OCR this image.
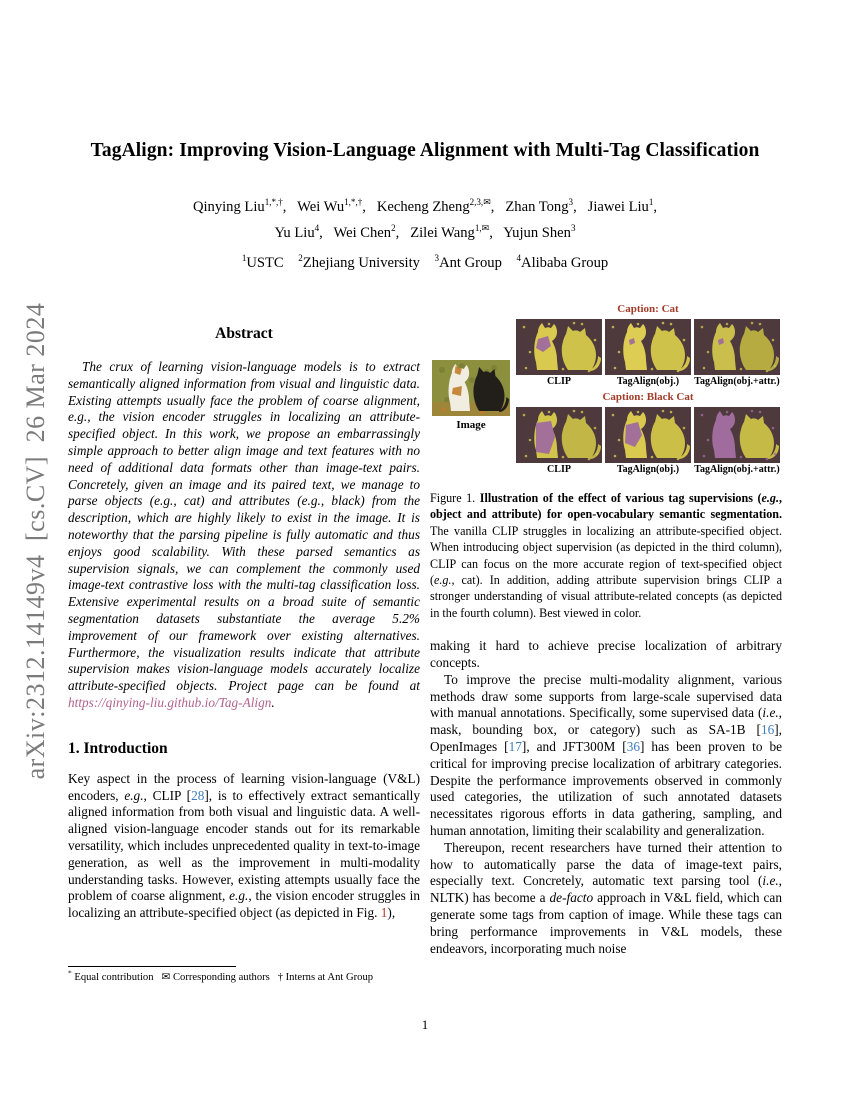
arXiv:2312.14149v4 [cs.CV] 26 Mar 2024
TagAlign: Improving Vision-Language Alignment with Multi-Tag Classification
Qinying Liu$^{1,*,\dagger}$,  Wei $Wu^{1,*,\dagger}$,  Kecheng Zheng$^{2,3,✉}$,  Zhan Tong$^3$,  Jiawei Liu$^1$,
Yu Liu$^4$,  Wei Chen$^2$,  Zilei Wang$^{1,✉}$,  Yujun Shen$^3$
$^1$USTC $^2$Zhejiang University $^3$Ant Group $^4$Alibaba Group
Abstract

The crux of learning vision-language models is to extract semantically aligned information from visual and linguistic data. Existing attempts usually face the problem of coarse alignment, e.g., the vision encoder struggles in localizing an attribute-specified object. In this work, we propose an embarrassingly simple approach to better align image and text features with no need of additional data formats other than image-text pairs. Concretely, given an image and its paired text, we manage to parse objects (e.g., cat) and attributes (e.g., black) from the description, which are highly likely to exist in the image. It is noteworthy that the parsing pipeline is fully automatic and thus enjoys good scalability. With these parsed semantics as supervision signals, we can complement the commonly used image-text contrastive loss with the multi-tag classification loss. Extensive experimental results on a broad suite of semantic segmentation datasets substantiate the average 5.2% improvement of our framework over existing alternatives. Furthermore, the visualization results indicate that attribute supervision makes vision-language models accurately localize attribute-specified objects. Project page can be found at https://qinying-liu.github.io/Tag-Align.

1. Introduction

Key aspect in the process of learning vision-language (V&L) encoders, e.g., CLIP [28], is to effectively extract semantically aligned information from both visual and linguistic data. A well-aligned vision-language encoder stands out for its remarkable versatility, which includes unprecedented quality in text-to-image generation, as well as the improvement in multi-modality understanding tasks. However, existing attempts usually face the problem of coarse alignment, e.g., the vision encoder struggles in localizing an attribute-specified object (as depicted in Fig. 1),

Image
Caption: Cat
CLIP	TagAlign(obj.)	TagAlign(obj.+attr.)
Caption: Black Cat
CLIP	TagAlign(obj.)	TagAlign(obj.+attr.)
Figure 1. Illustration of the effect of various tag supervisions (e.g., object and attribute) for open-vocabulary semantic segmentation. The vanilla CLIP struggles in localizing an attribute-specified object. When introducing object supervision (as depicted in the third column), CLIP can focus on the more accurate region of text-specified object (e.g., cat). In addition, adding attribute supervision brings CLIP a stronger understanding of visual attribute-related concepts (as depicted in the fourth column). Best viewed in color.

making it hard to achieve precise localization of arbitrary concepts.

To improve the precise multi-modality alignment, various methods draw some supports from large-scale supervised data with manual annotations. Specifically, some supervised data (i.e., mask, bounding box, or category) such as SA-1B [16], OpenImages [17], and JFT300M [36] has been proven to be critical for improving precise localization of arbitrary categories. Despite the performance improvements observed in commonly used categories, the utilization of such annotated datasets necessitates rigorous efforts in data gathering, sampling, and human annotation, limiting their scalability and generalization.

Thereupon, recent researchers have turned their attention to how to automatically parse the data of image-text pairs, especially text. Concretely, automatic text parsing tool (i.e., NLTK) has become a de-facto approach in V&L field, which can generate some tags from caption of image. While these tags can bring performance improvements in V&L models, these endeavors, incorporating much noise

* Equal contribution  ✉ Corresponding authors  † Interns at Ant Group
1
